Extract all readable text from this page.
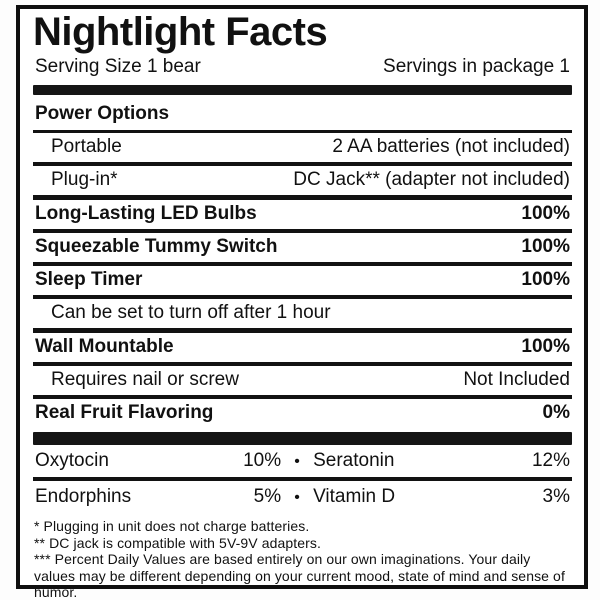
Nightlight Facts
Serving Size 1 bear	Servings in package 1
Power Options
Portable	2 AA batteries (not included)
Plug-in*	DC Jack** (adapter not included)
Long-Lasting LED Bulbs	100%
Squeezable Tummy Switch	100%
Sleep Timer	100%
Can be set to turn off after 1 hour
Wall Mountable	100%
Requires nail or screw	Not Included
Real Fruit Flavoring	0%
Oxytocin	10% • Seratonin	12%
Endorphins	5% • Vitamin D	3%
* Plugging in unit does not charge batteries.
** DC jack is compatible with 5V-9V adapters.
*** Percent Daily Values are based entirely on our own imaginations. Your daily values may be different depending on your current mood, state of mind and sense of humor.
